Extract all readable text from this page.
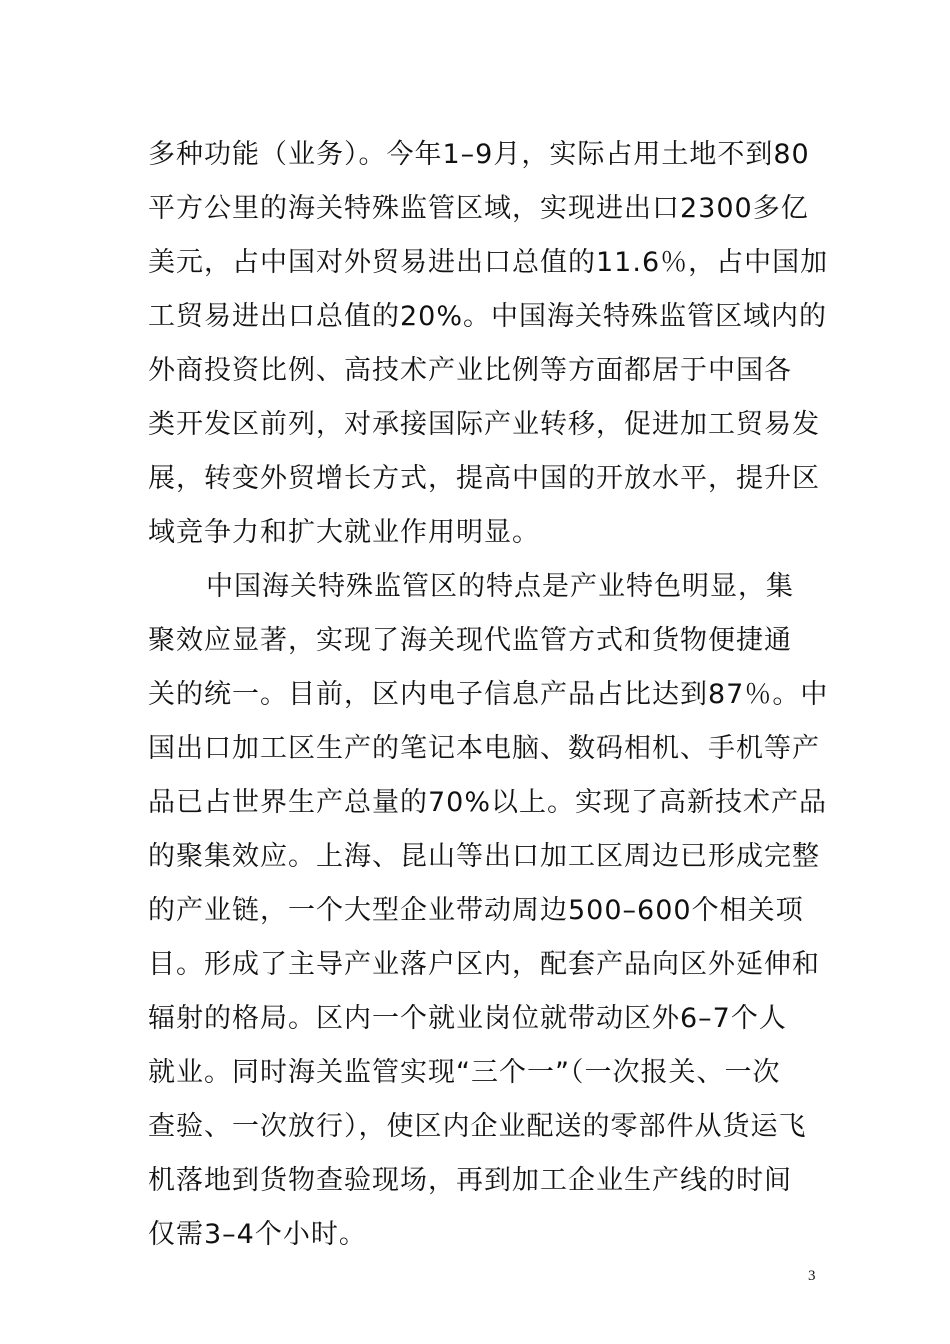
多种功能（业务）。今年1–9月，实际占用土地不到80
平方公里的海关特殊监管区域，实现进出口2300多亿
美元，占中国对外贸易进出口总值的11.6％，占中国加
工贸易进出口总值的20%。中国海关特殊监管区域内的
外商投资比例、高技术产业比例等方面都居于中国各
类开发区前列，对承接国际产业转移，促进加工贸易发
展，转变外贸增长方式，提高中国的开放水平，提升区
域竞争力和扩大就业作用明显。
中国海关特殊监管区的特点是产业特色明显，集
聚效应显著，实现了海关现代监管方式和货物便捷通
关的统一。目前，区内电子信息产品占比达到87％。中
国出口加工区生产的笔记本电脑、数码相机、手机等产
品已占世界生产总量的70%以上。实现了高新技术产品
的聚集效应。上海、昆山等出口加工区周边已形成完整
的产业链，一个大型企业带动周边500–600个相关项
目。形成了主导产业落户区内，配套产品向区外延伸和
辐射的格局。区内一个就业岗位就带动区外6–7个人
就业。同时海关监管实现“三个一”（一次报关、一次
查验、一次放行），使区内企业配送的零部件从货运飞
机落地到货物查验现场，再到加工企业生产线的时间
仅需3–4个小时。
3
